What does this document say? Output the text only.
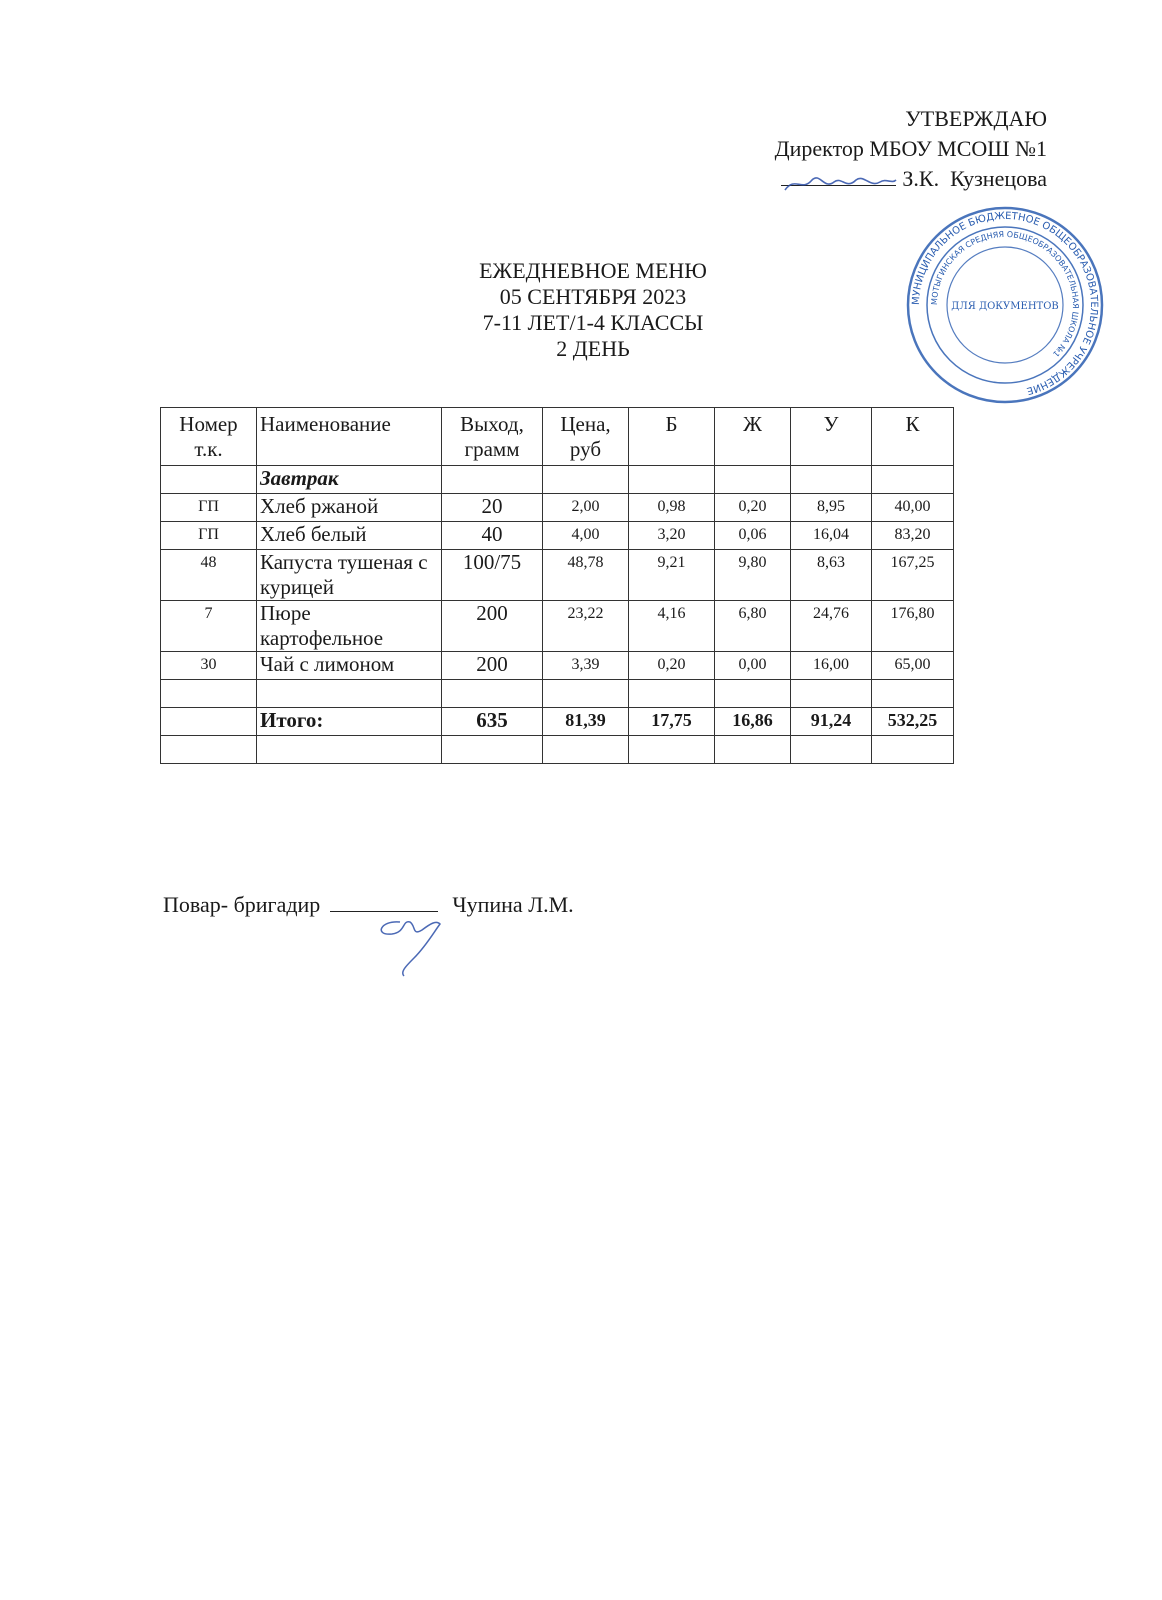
УТВЕРЖДАЮ
Директор МБОУ МСОШ №1
З.К.  Кузнецова
МУНИЦИПАЛЬНОЕ БЮДЖЕТНОЕ ОБЩЕОБРАЗОВАТЕЛЬНОЕ УЧРЕЖДЕНИЕ
МОТЫГИНСКАЯ СРЕДНЯЯ ОБЩЕОБРАЗОВАТЕЛЬНАЯ ШКОЛА №1
ДЛЯ ДОКУМЕНТОВ
ЕЖЕДНЕВНОЕ МЕНЮ
05 СЕНТЯБРЯ 2023
7-11 ЛЕТ/1-4 КЛАССЫ
2 ДЕНЬ
Номер т.к.	Наименование	Выход, грамм	Цена, руб	Б	Ж	У	К
	Завтрак						
ГП	Хлеб ржаной	20	2,00	0,98	0,20	8,95	40,00
ГП	Хлеб белый	40	4,00	3,20	0,06	16,04	83,20
48	Капуста тушеная с курицей	100/75	48,78	9,21	9,80	8,63	167,25
7	Пюре картофельное	200	23,22	4,16	6,80	24,76	176,80
30	Чай с лимоном	200	3,39	0,20	0,00	16,00	65,00

	Итого:	635	81,39	17,75	16,86	91,24	532,25

Повар- бригадир	Чупина Л.М.
